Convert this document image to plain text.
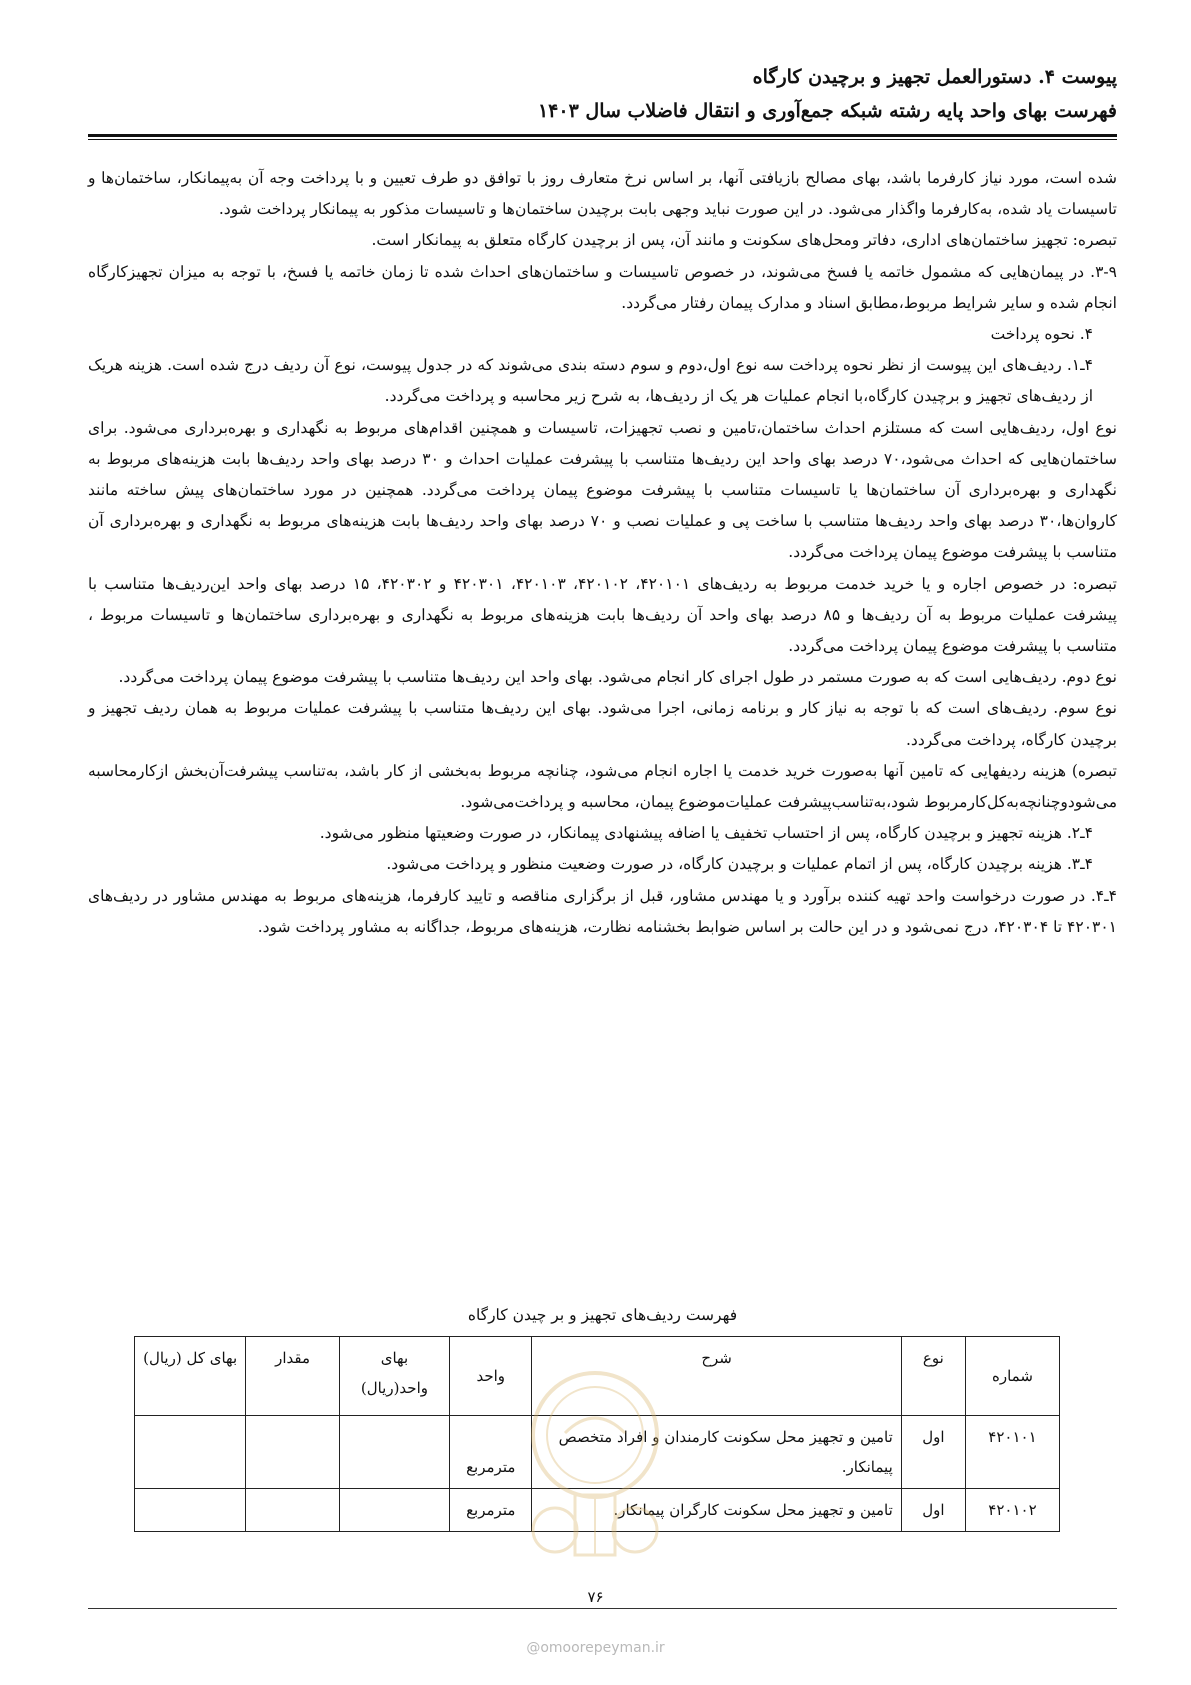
پیوست ۴. دستورالعمل تجهیز و برچیدن کارگاه
فهرست بهای واحد پایه رشته شبکه جمع‌آوری و انتقال فاضلاب سال ۱۴۰۳

شده است، مورد نیاز کارفرما باشد، بهای مصالح بازیافتی آنها، بر اساس نرخ متعارف روز با توافق دو طرف تعیین و با پرداخت وجه آن به‌پیمانکار، ساختمان‌ها و تاسیسات یاد شده، به‌کارفرما واگذار می‌شود. در این صورت نباید وجهی بابت برچیدن ساختمان‌ها و تاسیسات مذکور به پیمانکار پرداخت شود.

تبصره: تجهیز ساختمان‌های اداری، دفاتر ومحل‌های سکونت و مانند آن، پس از برچیدن کارگاه متعلق به پیمانکار است.

۳-۹. در پیمان‌هایی که مشمول خاتمه یا فسخ می‌شوند، در خصوص تاسیسات و ساختمان‌های احداث شده تا زمان خاتمه یا فسخ، با توجه به میزان تجهیزکارگاه انجام شده و سایر شرایط مربوط،مطابق اسناد و مدارک پیمان رفتار می‌گردد.

۴. نحوه پرداخت

۴ـ۱. ردیف‌های این پیوست از نظر نحوه پرداخت سه نوع اول،دوم و سوم دسته بندی می‌شوند که در جدول پیوست، نوع آن ردیف درج شده است. هزینه هریک از ردیف‌های تجهیز و برچیدن کارگاه،با انجام عملیات هر یک از ردیف‌ها، به شرح زیر محاسبه و پرداخت می‌گردد.

نوع اول، ردیف‌هایی است که مستلزم احداث ساختمان،تامین و نصب تجهیزات، تاسیسات و همچنین اقدام‌های مربوط به نگهداری و بهره‌برداری می‌شود. برای ساختمان‌هایی که احداث می‌شود،۷۰ درصد بهای واحد این ردیف‌ها متناسب با پیشرفت عملیات احداث و ۳۰ درصد بهای واحد ردیف‌ها بابت هزینه‌های مربوط به نگهداری و بهره‌برداری آن ساختمان‌ها یا تاسیسات متناسب با پیشرفت موضوع پیمان پرداخت می‌گردد. همچنین در مورد ساختمان‌های پیش ساخته مانند کاروان‌ها،۳۰ درصد بهای واحد ردیف‌ها متناسب با ساخت پی و عملیات نصب و ۷۰ درصد بهای واحد ردیف‌ها بابت هزینه‌های مربوط به نگهداری و بهره‌برداری آن متناسب با پیشرفت موضوع پیمان پرداخت می‌گردد.

تبصره: در خصوص اجاره و یا خرید خدمت مربوط به ردیف‌های ۴۲۰۱۰۱، ۴۲۰۱۰۲، ۴۲۰۱۰۳، ۴۲۰۳۰۱ و ۴۲۰۳۰۲، ۱۵ درصد بهای واحد این‌ردیف‌ها متناسب با پیشرفت عملیات مربوط به آن ردیف‌ها و ۸۵ درصد بهای واحد آن ردیف‌ها بابت هزینه‌های مربوط به نگهداری و بهره‌برداری ساختمان‌ها و تاسیسات مربوط ، متناسب با پیشرفت موضوع پیمان پرداخت می‌گردد.

نوع دوم. ردیف‌هایی است که به صورت مستمر در طول اجرای کار انجام می‌شود. بهای واحد این ردیف‌ها متناسب با پیشرفت موضوع پیمان پرداخت می‌گردد.

نوع سوم. ردیف‌های است که با توجه به نیاز کار و برنامه زمانی، اجرا می‌شود. بهای این ردیف‌ها متناسب با پیشرفت عملیات مربوط به همان ردیف تجهیز و برچیدن کارگاه، پرداخت می‌گردد.

تبصره) هزینه ردیفهایی که تامین آنها به‌صورت خرید خدمت یا اجاره انجام می‌شود، چنانچه مربوط به‌بخشی از کار باشد، به‌تناسب پیشرفت‌آن‌بخش ازکارمحاسبه می‌شودوچنانچه‌به‌کل‌کارمربوط شود،به‌تناسب‌پیشرفت عملیات‌موضوع پیمان، محاسبه و پرداخت‌می‌شود.

۴ـ۲. هزینه تجهیز و برچیدن کارگاه، پس از احتساب تخفیف یا اضافه پیشنهادی پیمانکار، در صورت وضعیتها منظور می‌شود.

۴ـ۳. هزینه برچیدن کارگاه، پس از اتمام عملیات و برچیدن کارگاه، در صورت وضعیت منظور و پرداخت می‌شود.

۴ـ۴. در صورت درخواست واحد تهیه کننده برآورد و یا مهندس مشاور، قبل از برگزاری مناقصه و تایید کارفرما، هزینه‌های مربوط به مهندس مشاور در ردیف‌های ۴۲۰۳۰۱ تا ۴۲۰۳۰۴، درج نمی‌شود و در این حالت بر اساس ضوابط بخشنامه نظارت، هزینه‌های مربوط، جداگانه به مشاور پرداخت شود.

فهرست ردیف‌های تجهیز و بر چیدن کارگاه
شماره	نوع	شرح	واحد	بهای واحد(ریال)	مقدار	بهای کل (ریال)
۴۲۰۱۰۱	اول	تامین و تجهیز محل سکونت کارمندان و افراد متخصص پیمانکار.	مترمربع			
۴۲۰۱۰۲	اول	تامین و تجهیز محل سکونت کارگران پیمانکار.	مترمربع			
۷۶
@omoorepeyman.ir
